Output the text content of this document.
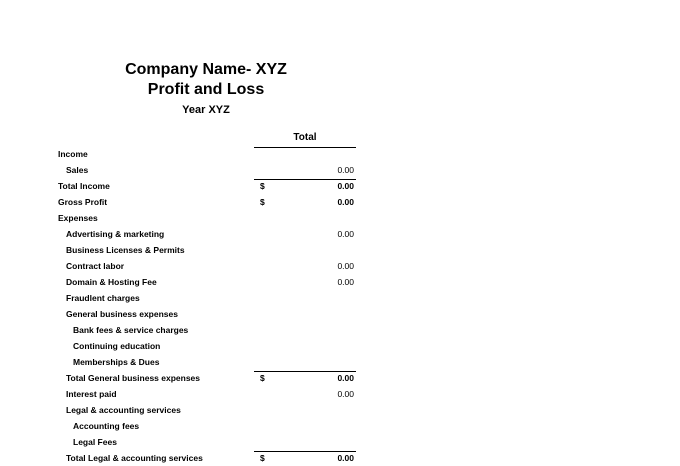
Company Name- XYZ
Profit and Loss
Year XYZ
Total
Income
Sales	0.00
Total Income	$	0.00
Gross Profit	$	0.00
Expenses
Advertising & marketing	0.00
Business Licenses & Permits
Contract labor	0.00
Domain & Hosting Fee	0.00
Fraudlent charges
General business expenses
Bank fees & service charges
Continuing education
Memberships & Dues
Total General business expenses	$	0.00
Interest paid	0.00
Legal & accounting services
Accounting fees
Legal Fees
Total Legal & accounting services	$	0.00
